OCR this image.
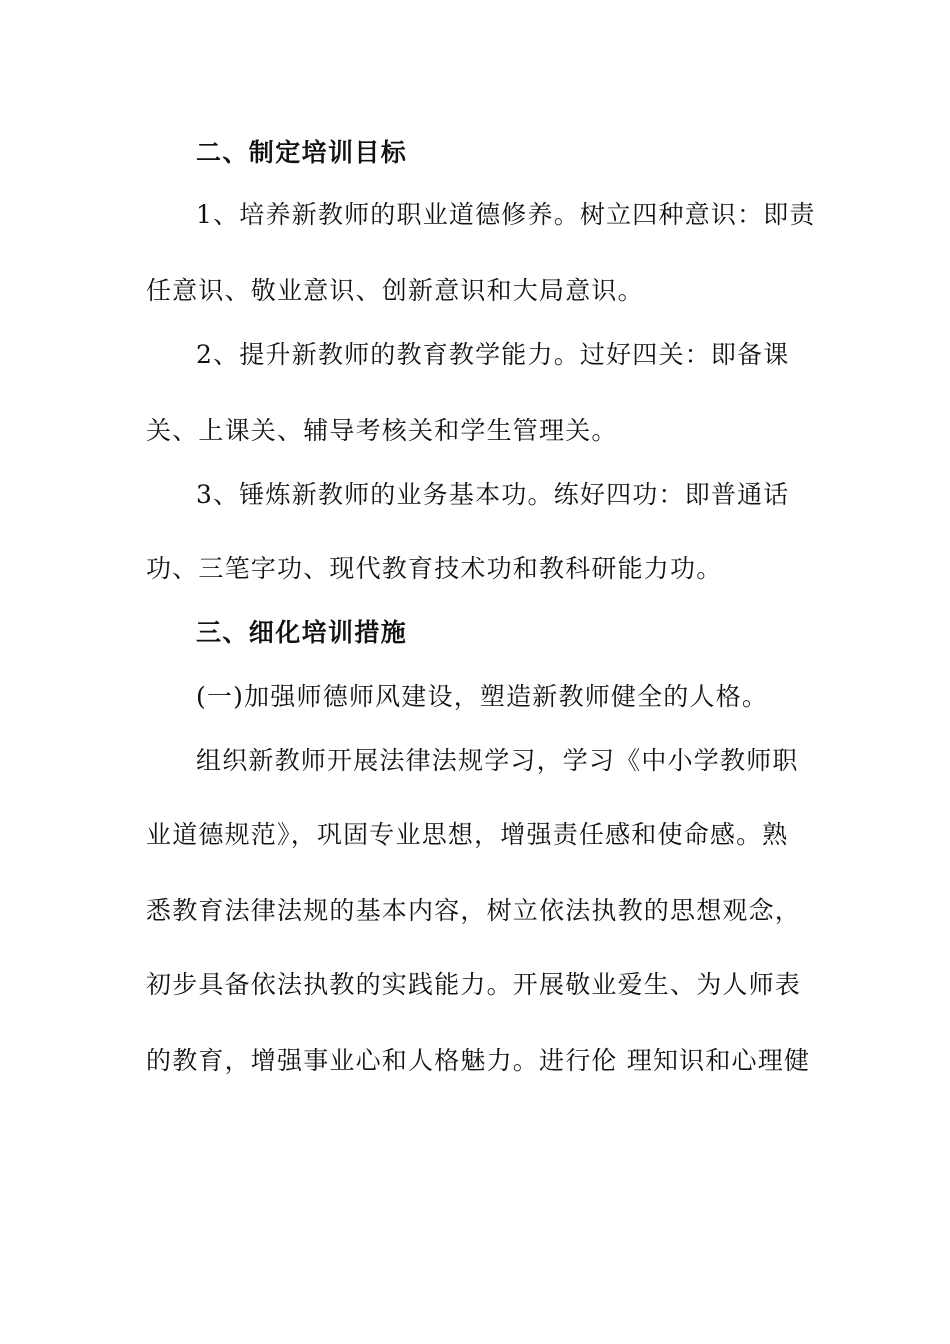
二、制定培训目标
1、培养新教师的职业道德修养。树立四种意识：即责
任意识、敬业意识、创新意识和大局意识。
2、提升新教师的教育教学能力。过好四关：即备课
关、上课关、辅导考核关和学生管理关。
3、锤炼新教师的业务基本功。练好四功：即普通话
功、三笔字功、现代教育技术功和教科研能力功。
三、细化培训措施
(一)加强师德师风建设，塑造新教师健全的人格。
组织新教师开展法律法规学习，学习《中小学教师职
业道德规范》，巩固专业思想，增强责任感和使命感。熟
悉教育法律法规的基本内容，树立依法执教的思想观念，
初步具备依法执教的实践能力。开展敬业爱生、为人师表
的教育，增强事业心和人格魅力。进行伦 理知识和心理健
